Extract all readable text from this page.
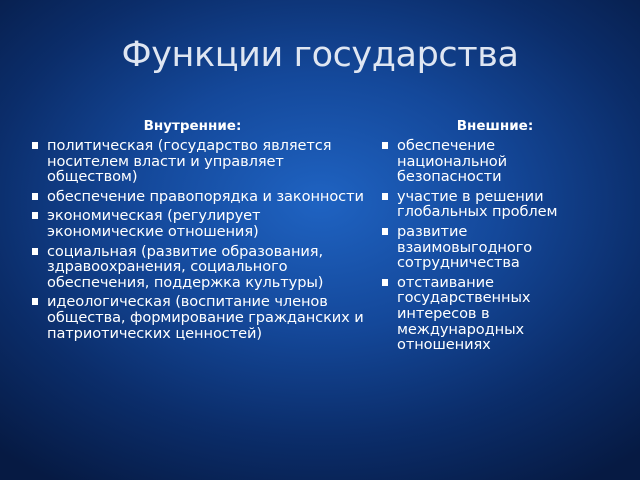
Функции государства
Внутренние:
политическая (государство является носителем власти и управляет обществом)
обеспечение правопорядка и законности
экономическая (регулирует экономические отношения)
социальная (развитие образования, здравоохранения, социального обеспечения, поддержка культуры)
идеологическая (воспитание членов общества, формирование гражданских и патриотических ценностей)
Внешние:
обеспечение национальной безопасности
участие в решении глобальных проблем
развитие взаимовыгодного сотрудничества
отстаивание государственных интересов в международных отношениях
